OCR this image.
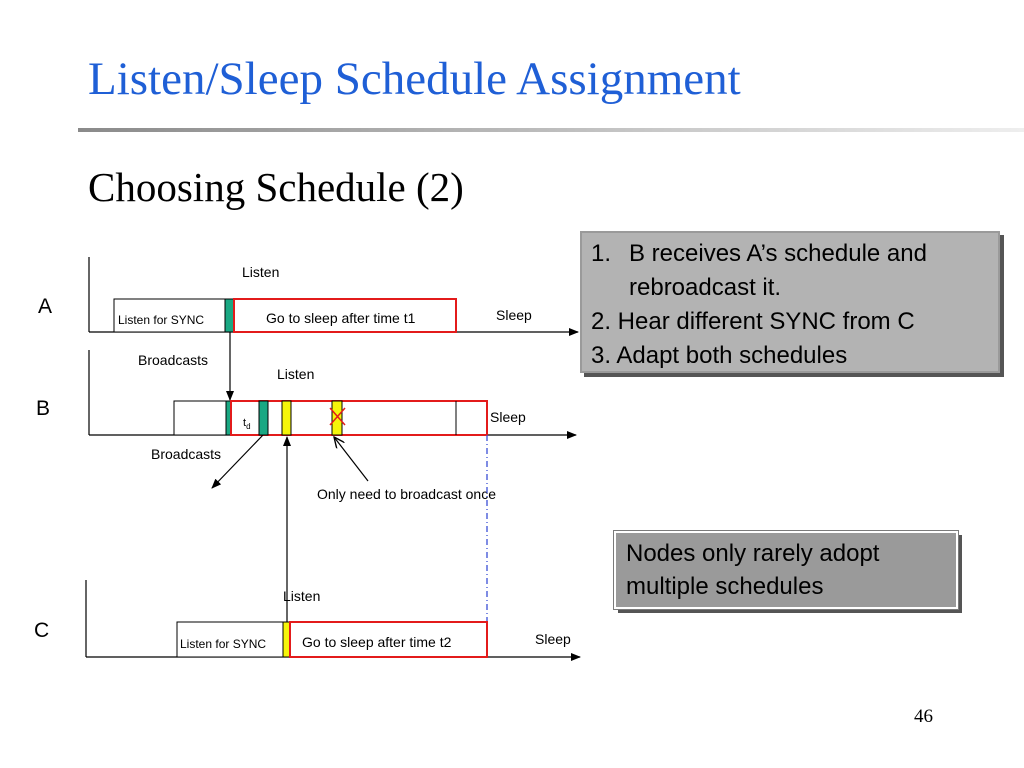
Listen/Sleep Schedule Assignment
Choosing Schedule (2)
A
Listen for SYNC	Go to sleep after time t1
Listen
Sleep
Broadcasts
B
$t_d$
Listen
Sleep
Broadcasts
Only need to broadcast once
C
Listen for SYNC	Go to sleep after time t2
Listen
Sleep
1. B receives A’s schedule and
rebroadcast it.
2. Hear different SYNC from C
3. Adapt both schedules
Nodes only rarely adopt
multiple schedules
46
